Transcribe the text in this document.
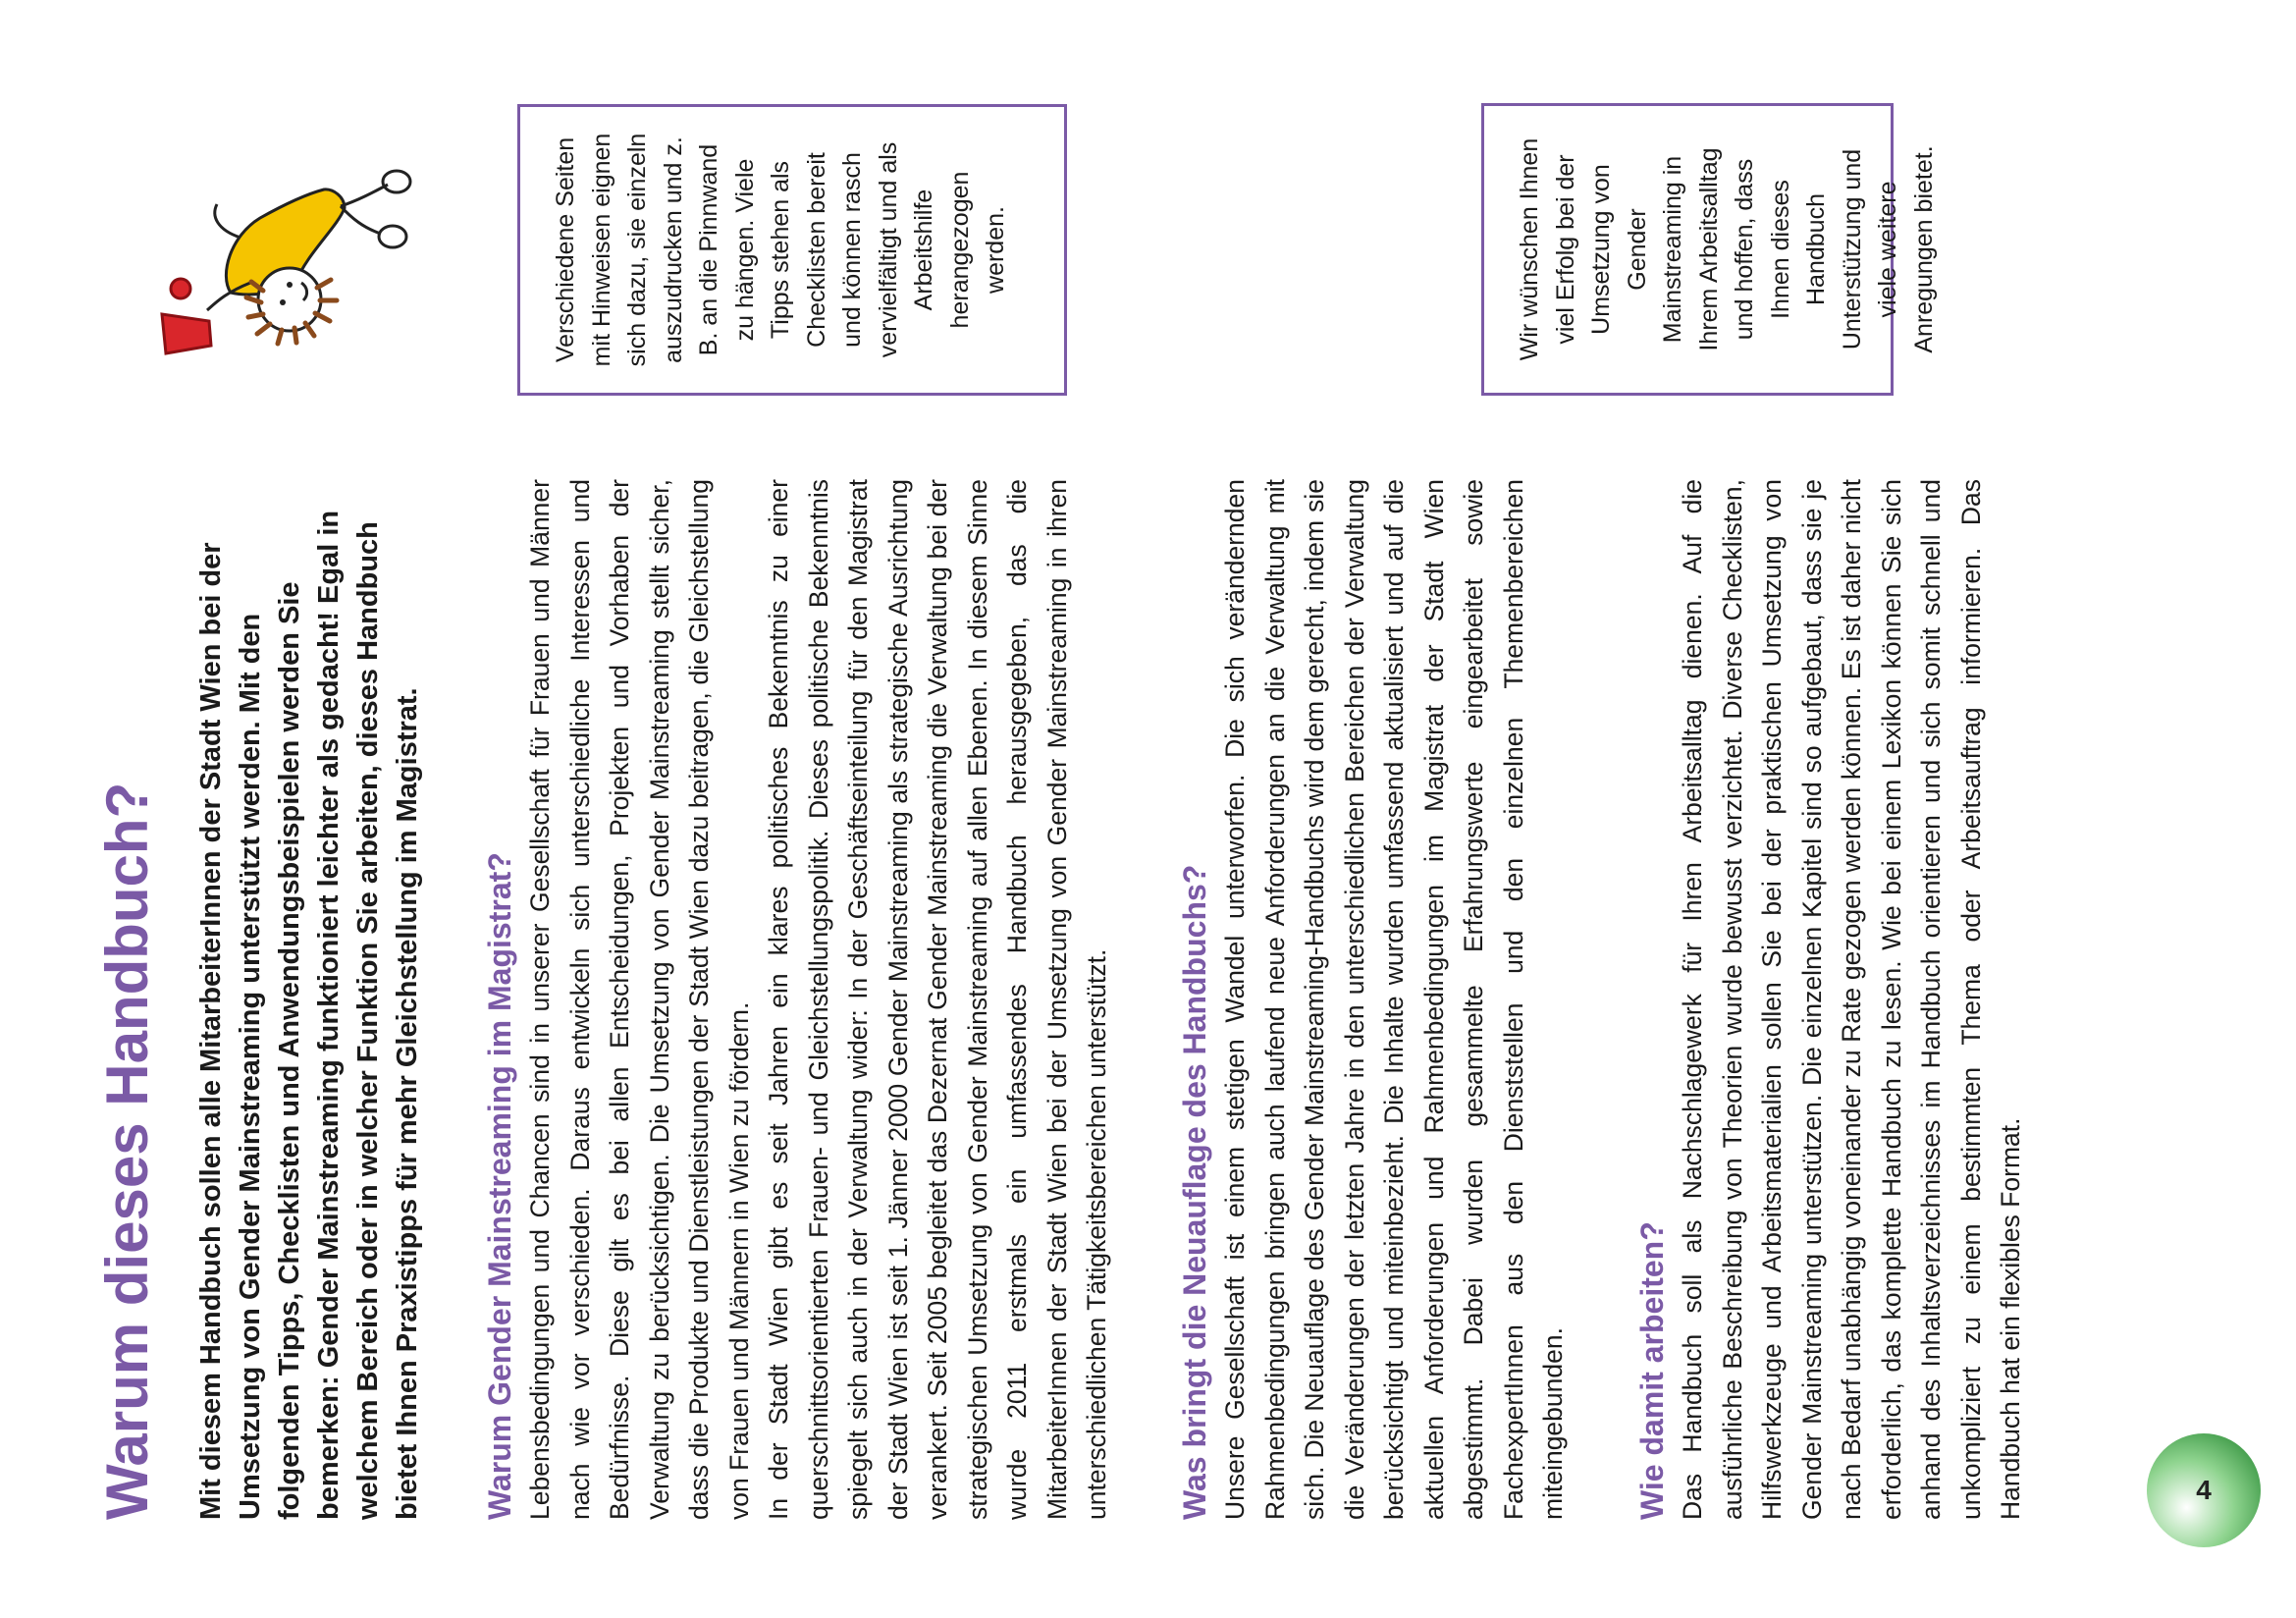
Warum dieses Handbuch? Mit diesem Handbuch sollen alle MitarbeiterInnen der Stadt Wien bei der Umsetzung von Gender Mainstreaming unterstützt werden. Mit den folgenden Tipps, Checklisten und Anwendungsbeispielen werden Sie bemerken: Gender Mainstreaming funktioniert leichter als gedacht! Egal in welchem Bereich oder in welcher Funktion Sie arbeiten, dieses Handbuch bietet Ihnen Praxistipps für mehr Gleichstellung im Magistrat. Warum Gender Mainstreaming im Magistrat? Lebensbedingungen und Chancen sind in unserer Gesellschaft für Frauen und Männer nach wie vor verschieden. Daraus entwickeln sich unterschiedliche Interessen und Bedürfnisse. Diese gilt es bei allen Entscheidungen, Projekten und Vorhaben der Verwaltung zu berücksichtigen. Die Umsetzung von Gender Mainstreaming stellt sicher, dass die Produkte und Dienstleistungen der Stadt Wien dazu beitragen, die Gleichstellung von Frauen und Männern in Wien zu fördern. In der Stadt Wien gibt es seit Jahren ein klares politisches Bekenntnis zu einer querschnittsorientierten Frauen- und Gleichstellungspolitik. Dieses politische Bekenntnis spiegelt sich auch in der Verwaltung wider: In der Geschäftseinteilung für den Magistrat der Stadt Wien ist seit 1. Jänner 2000 Gender Mainstreaming als strategische Ausrichtung verankert. Seit 2005 begleitet das Dezernat Gender Mainstreaming die Verwaltung bei der strategischen Umsetzung von Gender Mainstreaming auf allen Ebenen. In diesem Sinne wurde 2011 erstmals ein umfassendes Handbuch herausgegeben, das die MitarbeiterInnen der Stadt Wien bei der Umsetzung von Gender Mainstreaming in ihren unterschiedlichen Tätigkeitsbereichen unterstützt. Was bringt die Neuauflage des Handbuchs? Unsere Gesellschaft ist einem stetigen Wandel unterworfen. Die sich verändernden Rahmenbedingungen bringen auch laufend neue Anforderungen an die Verwaltung mit sich. Die Neuauflage des Gender Mainstreaming-Handbuchs wird dem gerecht, indem sie die Veränderungen der letzten Jahre in den unterschiedlichen Bereichen der Verwaltung berücksichtigt und miteinbezieht. Die Inhalte wurden umfassend aktualisiert und auf die aktuellen Anforderungen und Rahmenbedingungen im Magistrat der Stadt Wien abgestimmt. Dabei wurden gesammelte Erfahrungswerte eingearbeitet sowie FachexpertInnen aus den Dienststellen und den einzelnen Themenbereichen miteingebunden. Wie damit arbeiten? Das Handbuch soll als Nachschlagewerk für Ihren Arbeitsalltag dienen. Auf die ausführliche Beschreibung von Theorien wurde bewusst verzichtet. Diverse Checklisten, Hilfswerkzeuge und Arbeitsmaterialien sollen Sie bei der praktischen Umsetzung von Gender Mainstreaming unterstützen. Die einzelnen Kapitel sind so aufgebaut, dass sie je nach Bedarf unabhängig voneinander zu Rate gezogen werden können. Es ist daher nicht erforderlich, das komplette Handbuch zu lesen. Wie bei einem Lexikon können Sie sich anhand des Inhaltsverzeichnisses im Handbuch orientieren und sich somit schnell und unkompliziert zu einem bestimmten Thema oder Arbeitsauftrag informieren. Das Handbuch hat ein flexibles Format.

Verschiedene Seiten mit Hinweisen eignen sich dazu, sie einzeln auszudrucken und z. B. an die Pinnwand zu hängen. Viele Tipps stehen als Checklisten bereit und können rasch vervielfältigt und als Arbeitshilfe herangezogen werden.	Wir wünschen Ihnen viel Erfolg bei der Umsetzung von Gender Mainstreaming in Ihrem Arbeitsalltag und hoffen, dass Ihnen dieses Handbuch Unterstützung und viele weitere Anregungen bietet.
4
